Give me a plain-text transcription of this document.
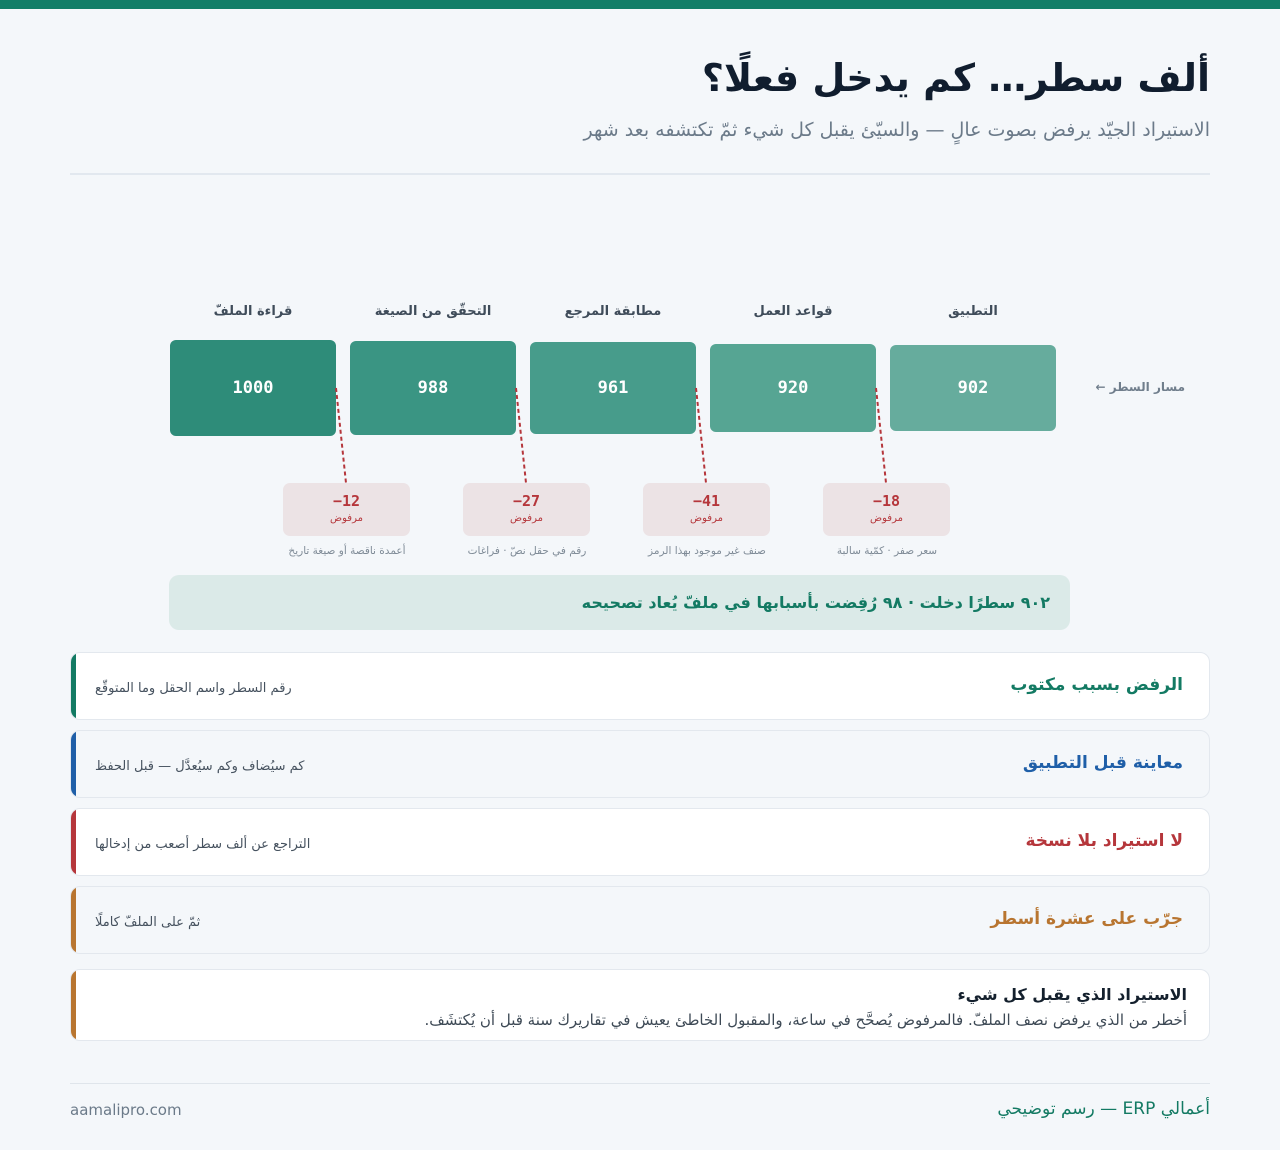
ألف سطر… كم يدخل فعلًا؟

الاستيراد الجيّد يرفض بصوت عالٍ — والسيّئ يقبل كل شيء ثمّ تكتشفه بعد شهر

قراءة الملفّ	التحقّق من الصيغة	مطابقة المرجع	قواعد العمل	التطبيق
1000	988	961	920	902	مسار السطر ←
−12
مرفوض
−27
مرفوض
−41
مرفوض
−18
مرفوض
أعمدة ناقصة أو صيغة تاريخ	رقم في حقل نصّ · فراغات	صنف غير موجود بهذا الرمز	سعر صفر · كمّية سالبة
٩٠٢ سطرًا دخلت · ٩٨ رُفِضت بأسبابها في ملفّ يُعاد تصحيحه
الرفض بسبب مكتوب
رقم السطر واسم الحقل وما المتوقّع
معاينة قبل التطبيق
كم سيُضاف وكم سيُعدَّل — قبل الحفظ
لا استيراد بلا نسخة
التراجع عن ألف سطر أصعب من إدخالها
جرّب على عشرة أسطر
ثمّ على الملفّ كاملًا
الاستيراد الذي يقبل كل شيء
أخطر من الذي يرفض نصف الملفّ. فالمرفوض يُصحَّح في ساعة، والمقبول الخاطئ يعيش في تقاريرك سنة قبل أن يُكتشَف.
aamalipro.com	أعمالي ERP — رسم توضيحي
